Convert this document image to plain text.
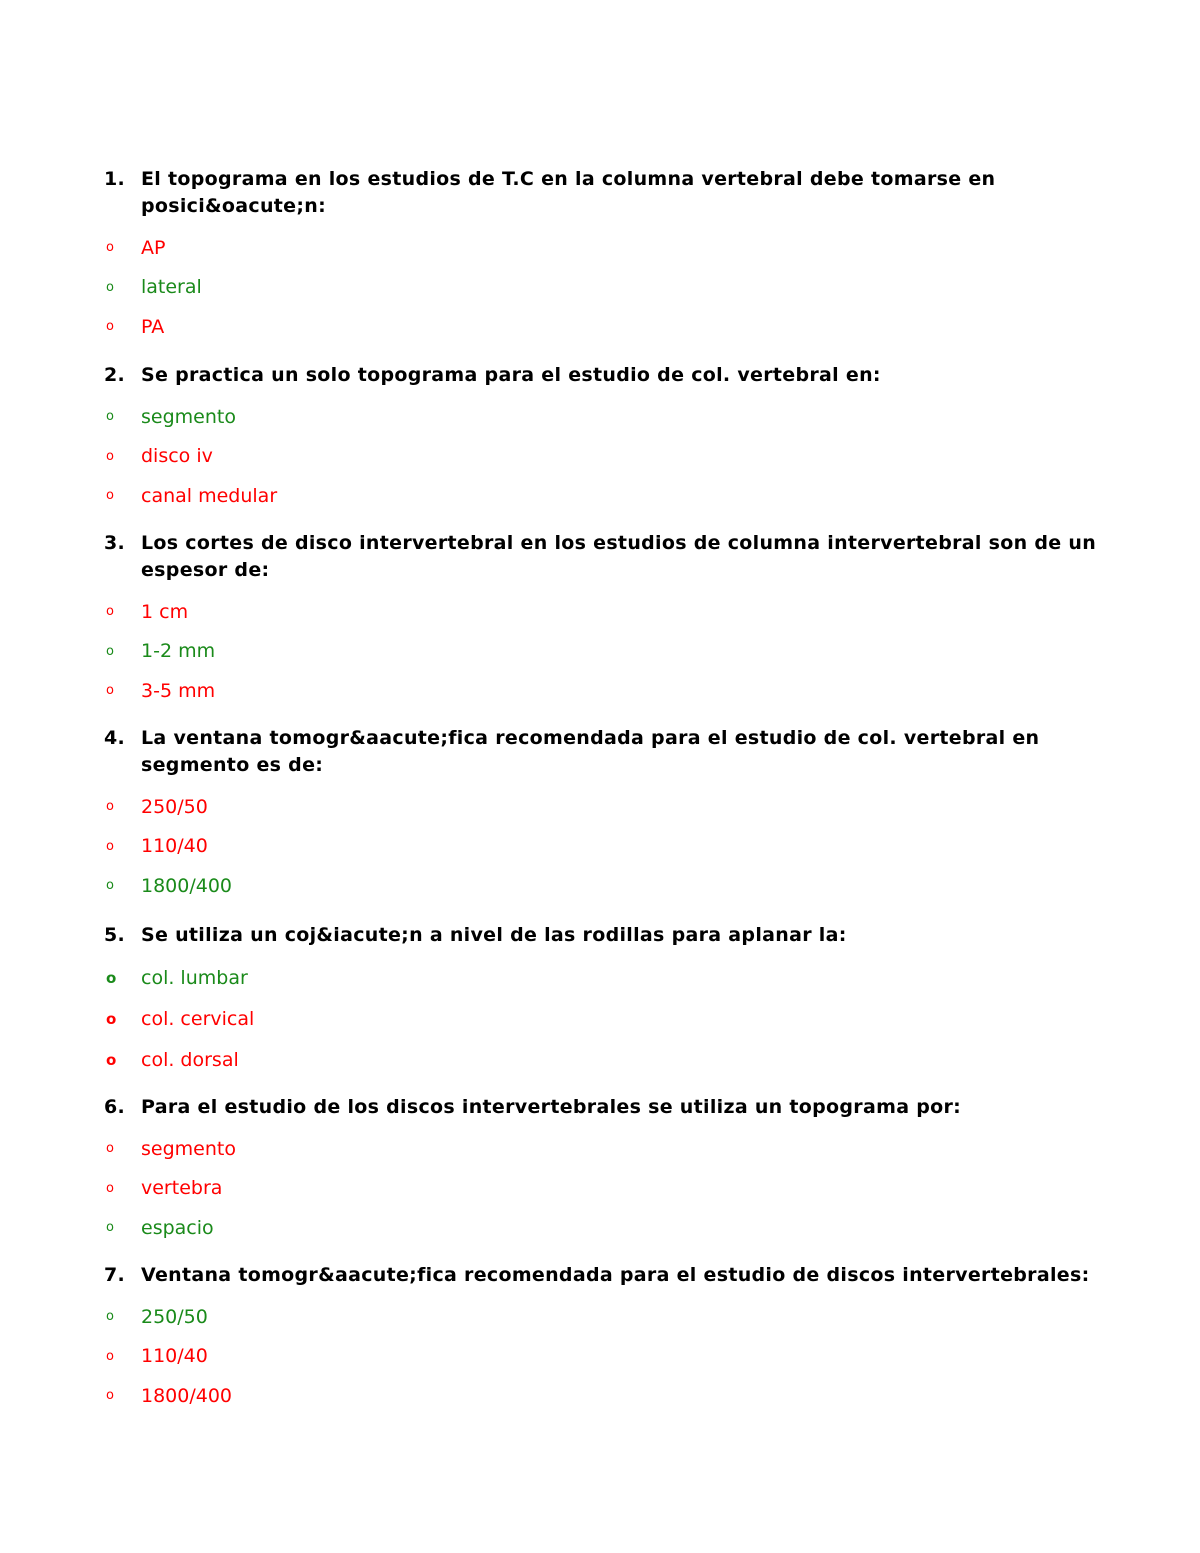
1. El topograma en los estudios de T.C en la columna vertebral debe tomarse en posici&oacute;n:
o	AP
o	lateral
o	PA
2. Se practica un solo topograma para el estudio de col. vertebral en:
o	segmento
o	disco iv
o	canal medular
3. Los cortes de disco intervertebral en los estudios de columna intervertebral son de un espesor de:
o	1 cm
o	1-2 mm
o	3-5 mm
4. La ventana tomogr&aacute;fica recomendada para el estudio de col. vertebral en segmento es de:
o	250/50
o	110/40
o	1800/400
5. Se utiliza un coj&iacute;n a nivel de las rodillas para aplanar la:
o	col. lumbar
o	col. cervical
o	col. dorsal
6. Para el estudio de los discos intervertebrales se utiliza un topograma por:
o	segmento
o	vertebra
o	espacio
7. Ventana tomogr&aacute;fica recomendada para el estudio de discos intervertebrales:
o	250/50
o	110/40
o	1800/400
